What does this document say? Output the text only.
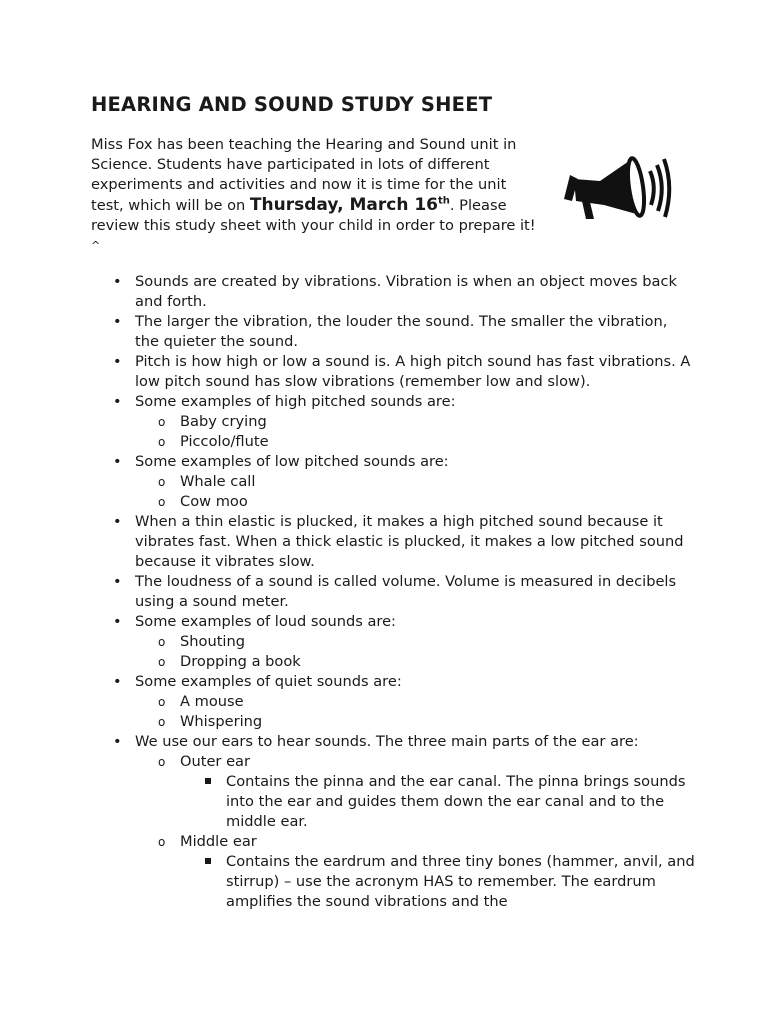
HEARING AND SOUND STUDY SHEET

Miss Fox has been teaching the Hearing and Sound unit in Science. Students have participated in lots of different experiments and activities and now it is time for the unit test, which will be on Thursday, March 16th. Please review this study sheet with your child in order to prepare it! ^

• Sounds are created by vibrations. Vibration is when an object moves back and forth.
• The larger the vibration, the louder the sound. The smaller the vibration, the quieter the sound.
• Pitch is how high or low a sound is. A high pitch sound has fast vibrations. A low pitch sound has slow vibrations (remember low and slow).
• Some examples of high pitched sounds are:
o Baby crying
o Piccolo/flute
• Some examples of low pitched sounds are:
o Whale call
o Cow moo
• When a thin elastic is plucked, it makes a high pitched sound because it vibrates fast. When a thick elastic is plucked, it makes a low pitched sound because it vibrates slow.
• The loudness of a sound is called volume. Volume is measured in decibels using a sound meter.
• Some examples of loud sounds are:
o Shouting
o Dropping a book
• Some examples of quiet sounds are:
o A mouse
o Whispering
• We use our ears to hear sounds. The three main parts of the ear are:
o Outer ear
Contains the pinna and the ear canal. The pinna brings sounds into the ear and guides them down the ear canal and to the middle ear.
o Middle ear
Contains the eardrum and three tiny bones (hammer, anvil, and stirrup) – use the acronym HAS to remember. The eardrum amplifies the sound vibrations and the
